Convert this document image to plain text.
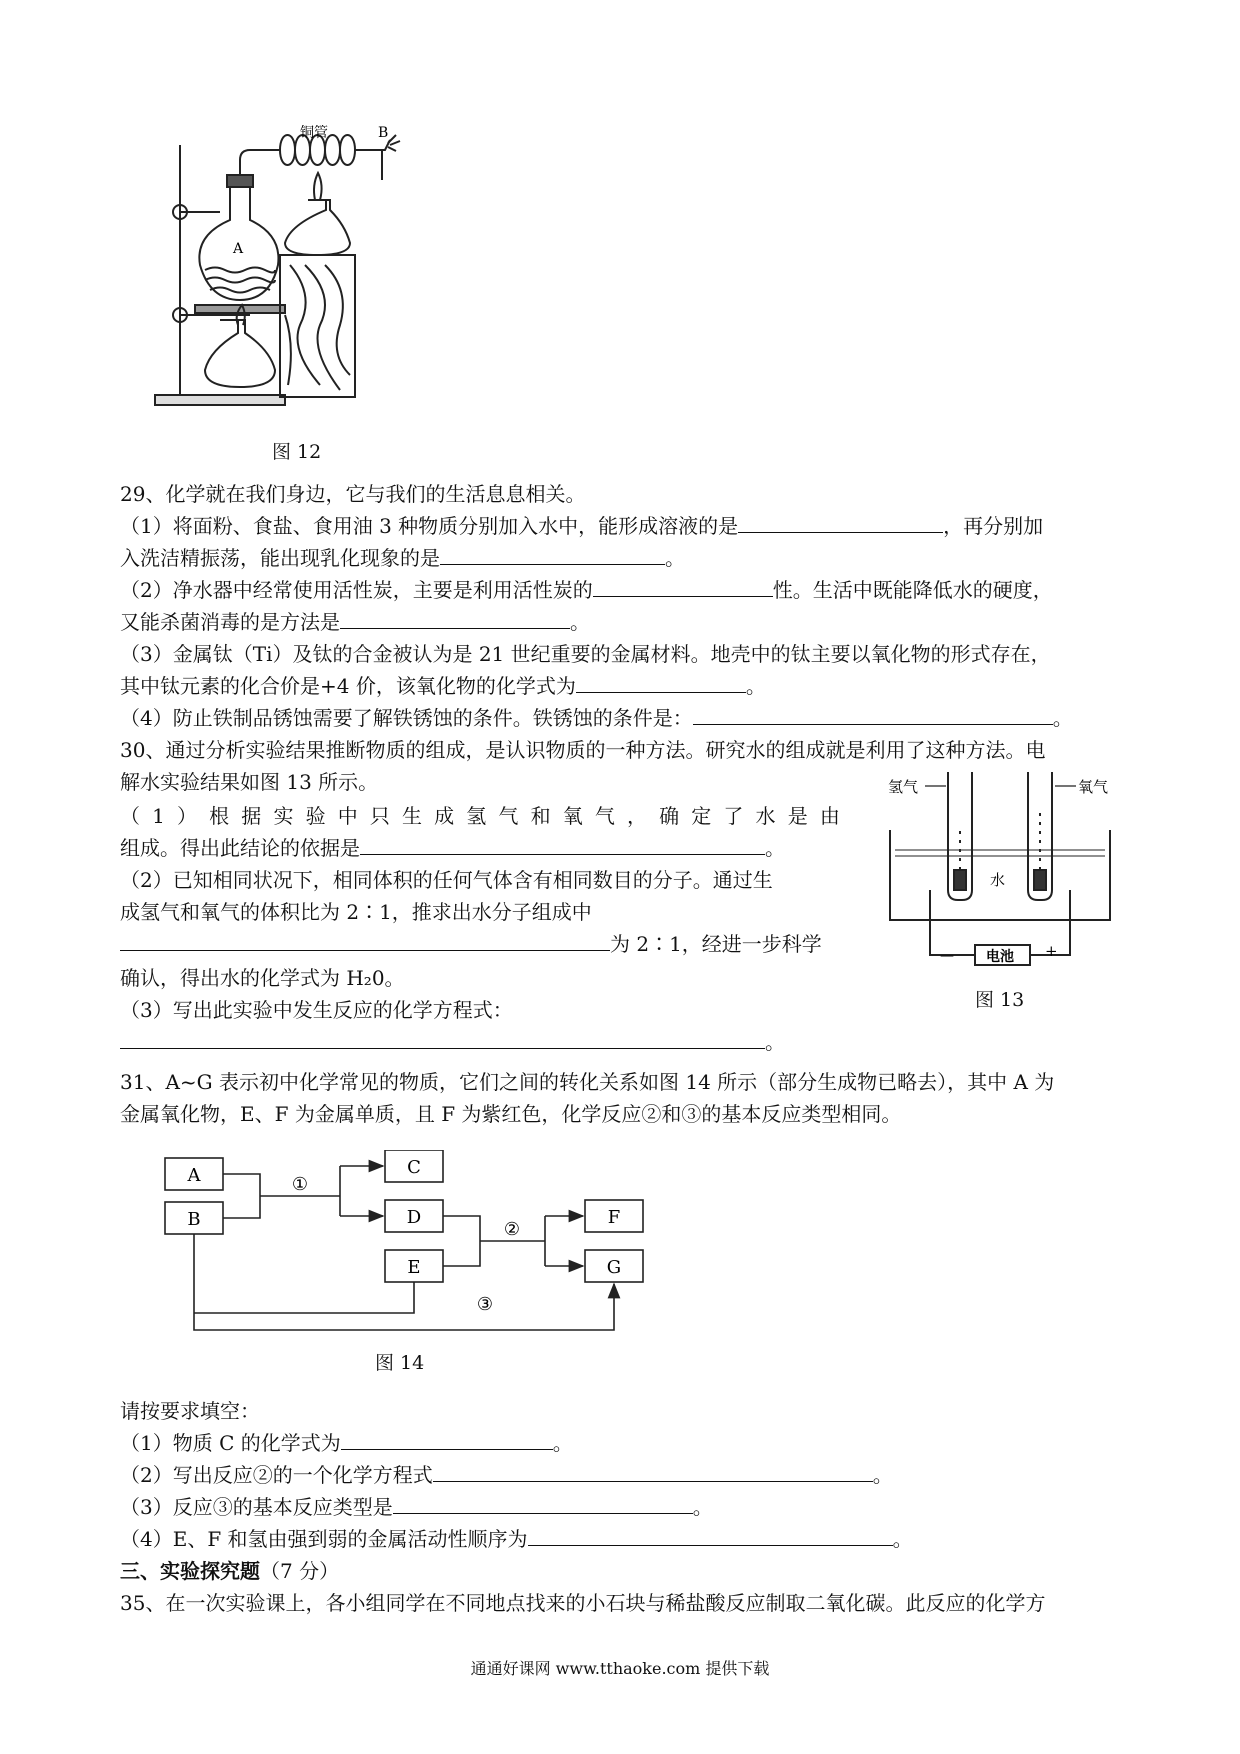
A
铜管	B
图 12
29、化学就在我们身边，它与我们的生活息息相关。
（1）将面粉、食盐、食用油 3 种物质分别加入水中，能形成溶液的是	，再分别加
入洗洁精振荡，能出现乳化现象的是	。
（2）净水器中经常使用活性炭，主要是利用活性炭的	性。生活中既能降低水的硬度，
又能杀菌消毒的是方法是	。
（3）金属钛（Ti）及钛的合金被认为是 21 世纪重要的金属材料。地壳中的钛主要以氧化物的形式存在，
其中钛元素的化合价是+4 价，该氧化物的化学式为	。
（4）防止铁制品锈蚀需要了解铁锈蚀的条件。铁锈蚀的条件是：	。
30、通过分析实验结果推断物质的组成，是认识物质的一种方法。研究水的组成就是利用了这种方法。电
解水实验结果如图 13 所示。
（ 1 ） 根 据 实 验 中 只 生 成 氢 气 和 氧 气 ， 确 定 了 水 是 由
组成。得出此结论的依据是	。
（2）已知相同状况下，相同体积的任何气体含有相同数目的分子。通过生
成氢气和氧气的体积比为 2∶1，推求出水分子组成中
为 2∶1，经进一步科学
确认，得出水的化学式为 H₂0。
（3）写出此实验中发生反应的化学方程式：
。
氢气	氧气
水
电池
—	+
图 13
31、A~G 表示初中化学常见的物质，它们之间的转化关系如图 14 所示（部分生成物已略去），其中 A 为
金属氧化物，E、F 为金属单质，且 F 为紫红色，化学反应②和③的基本反应类型相同。
A
B
C
D
E
F
G
①
②
③
图 14
请按要求填空：
（1）物质 C 的化学式为	。
（2）写出反应②的一个化学方程式	。
（3）反应③的基本反应类型是	。
（4）E、F 和氢由强到弱的金属活动性顺序为	。
三、实验探究题（7 分）
35、在一次实验课上，各小组同学在不同地点找来的小石块与稀盐酸反应制取二氧化碳。此反应的化学方
通通好课网 www.tthaoke.com 提供下载
